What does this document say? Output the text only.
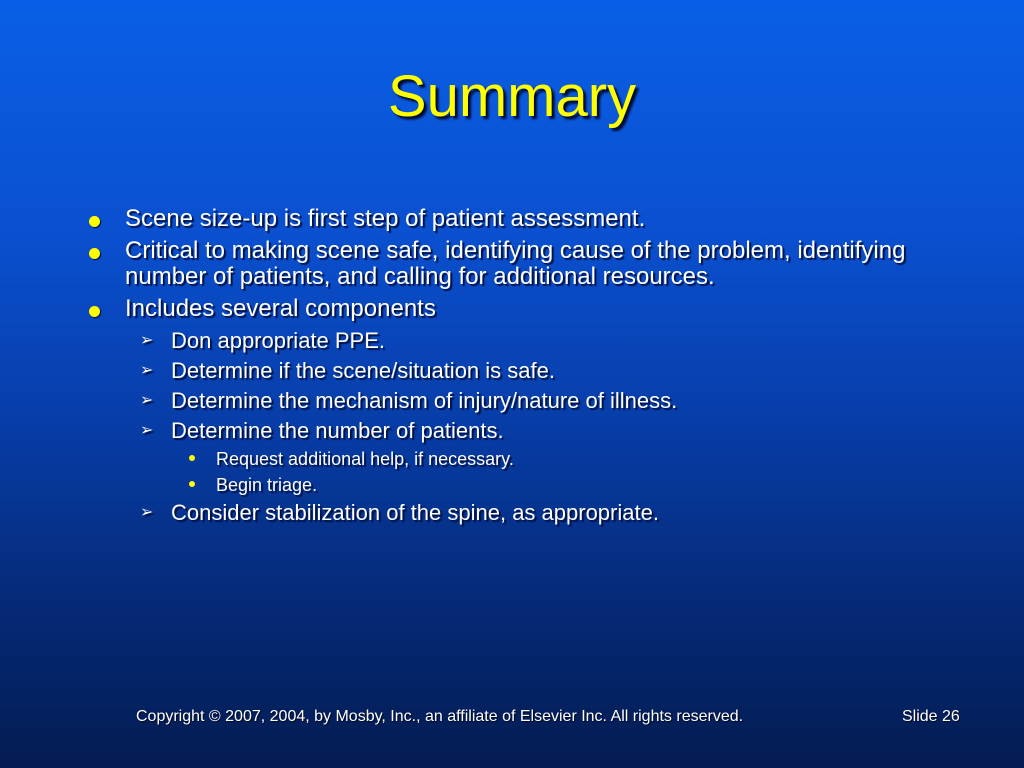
Summary
Scene size-up is first step of patient assessment.
Critical to making scene safe, identifying cause of the problem, identifying number of patients, and calling for additional resources.
Includes several components
➢ Don appropriate PPE.
➢ Determine if the scene/situation is safe.
➢ Determine the mechanism of injury/nature of illness.
➢ Determine the number of patients.
Request additional help, if necessary.
Begin triage.
➢ Consider stabilization of the spine, as appropriate.
Copyright © 2007, 2004, by Mosby, Inc., an affiliate of Elsevier Inc. All rights reserved.	Slide 26
